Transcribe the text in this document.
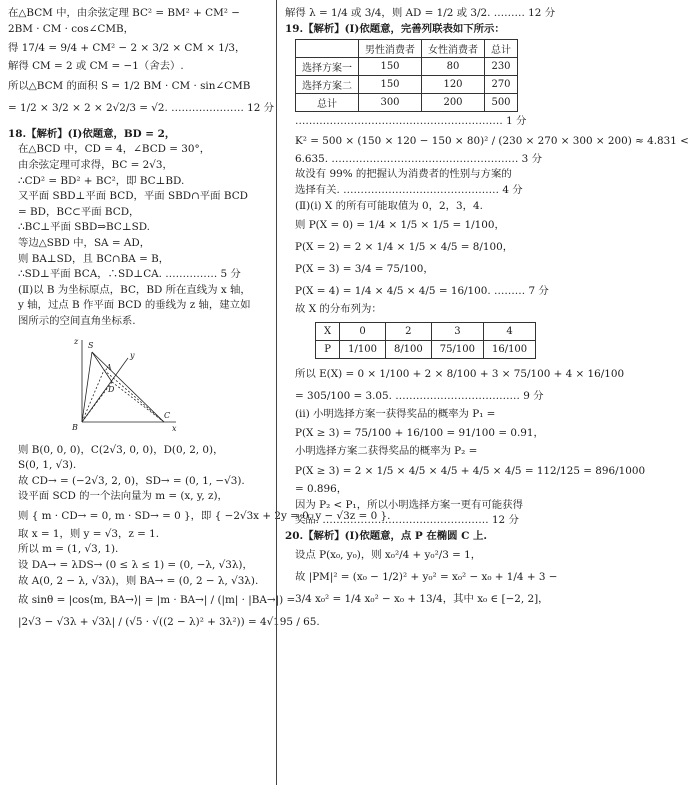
在△BCM 中，由余弦定理 BC² = BM² + CM² −
2BM · CM · cos∠CMB，
得 17/4 = 9/4 + CM² − 2 × 3/2 × CM × 1/3，
解得 CM = 2 或 CM = −1（舍去）.
所以△BCM 的面积 S = 1/2 BM · CM · sin∠CMB
= 1/2 × 3/2 × 2 × 2√2/3 = √2. ………………… 12 分
18.【解析】(Ⅰ)依题意，BD = 2，
在△BCD 中，CD = 4，∠BCD = 30°，
由余弦定理可求得，BC = 2√3，
∴CD² = BD² + BC²，即 BC⊥BD.
又平面 SBD⊥平面 BCD，平面 SBD∩平面 BCD
= BD，BC⊂平面 BCD，
∴BC⊥平面 SBD⇒BC⊥SD.
等边△SBD 中，SA = AD，
则 BA⊥SD，且 BC∩BA = B，
∴SD⊥平面 BCA，∴SD⊥CA. …………… 5 分
(Ⅱ)以 B 为坐标原点，BC，BD 所在直线为 x 轴，
y 轴，过点 B 作平面 BCD 的垂线为 z 轴，建立如
图所示的空间直角坐标系.
z
y
x
S
A
D
B
C
则 B(0, 0, 0)，C(2√3, 0, 0)，D(0, 2, 0)，
S(0, 1, √3).
故 CD→ = (−2√3, 2, 0)，SD→ = (0, 1, −√3).
设平面 SCD 的一个法向量为 m = (x, y, z)，
则 { m · CD→ = 0, m · SD→ = 0 }，即 { −2√3x + 2y = 0, y − √3z = 0 }.
取 x = 1，则 y = √3，z = 1.
所以 m = (1, √3, 1).
设 DA→ = λDS→ (0 ≤ λ ≤ 1) = (0, −λ, √3λ)，
故 A(0, 2 − λ, √3λ)，则 BA→ = (0, 2 − λ, √3λ).
故 sinθ = |cos⟨m, BA→⟩| = |m · BA→| / (|m| · |BA→|) =
|2√3 − √3λ + √3λ| / (√5 · √((2 − λ)² + 3λ²)) = 4√195 / 65.
解得 λ = 1/4 或 3/4，则 AD = 1/2 或 3/2. ……… 12 分
19.【解析】(Ⅰ)依题意，完善列联表如下所示：
	男性消费者	女性消费者	总计
选择方案一	150	80	230
选择方案二	150	120	270
总计	300	200	500
…………………………………………………… 1 分
K² = 500 × (150 × 120 − 150 × 80)² / (230 × 270 × 300 × 200) ≈ 4.831 <
6.635. ……………………………………………… 3 分
故没有 99% 的把握认为消费者的性别与方案的
选择有关. ……………………………………… 4 分
(Ⅱ)(ⅰ) X 的所有可能取值为 0，2，3，4.
则 P(X = 0) = 1/4 × 1/5 × 1/5 = 1/100，
P(X = 2) = 2 × 1/4 × 1/5 × 4/5 = 8/100，
P(X = 3) = 3/4 = 75/100，
P(X = 4) = 1/4 × 4/5 × 4/5 = 16/100. ……… 7 分
故 X 的分布列为：
X	0	2	3	4
P	1/100	8/100	75/100	16/100
所以 E(X) = 0 × 1/100 + 2 × 8/100 + 3 × 75/100 + 4 × 16/100
= 305/100 = 3.05. ……………………………… 9 分
(ⅱ) 小明选择方案一获得奖品的概率为 P₁ =
P(X ≥ 3) = 75/100 + 16/100 = 91/100 = 0.91，
小明选择方案二获得奖品的概率为 P₂ =
P(X ≥ 3) = 2 × 1/5 × 4/5 × 4/5 + 4/5 × 4/5 = 112/125 = 896/1000
= 0.896，
因为 P₂ < P₁，所以小明选择方案一更有可能获得
奖品. ………………………………………… 12 分
20.【解析】(Ⅰ)依题意，点 P 在椭圆 C 上.
设点 P(x₀, y₀)，则 x₀²/4 + y₀²/3 = 1，
故 |PM|² = (x₀ − 1/2)² + y₀² = x₀² − x₀ + 1/4 + 3 −
3/4 x₀² = 1/4 x₀² − x₀ + 13/4，其中 x₀ ∈ [−2, 2]，
